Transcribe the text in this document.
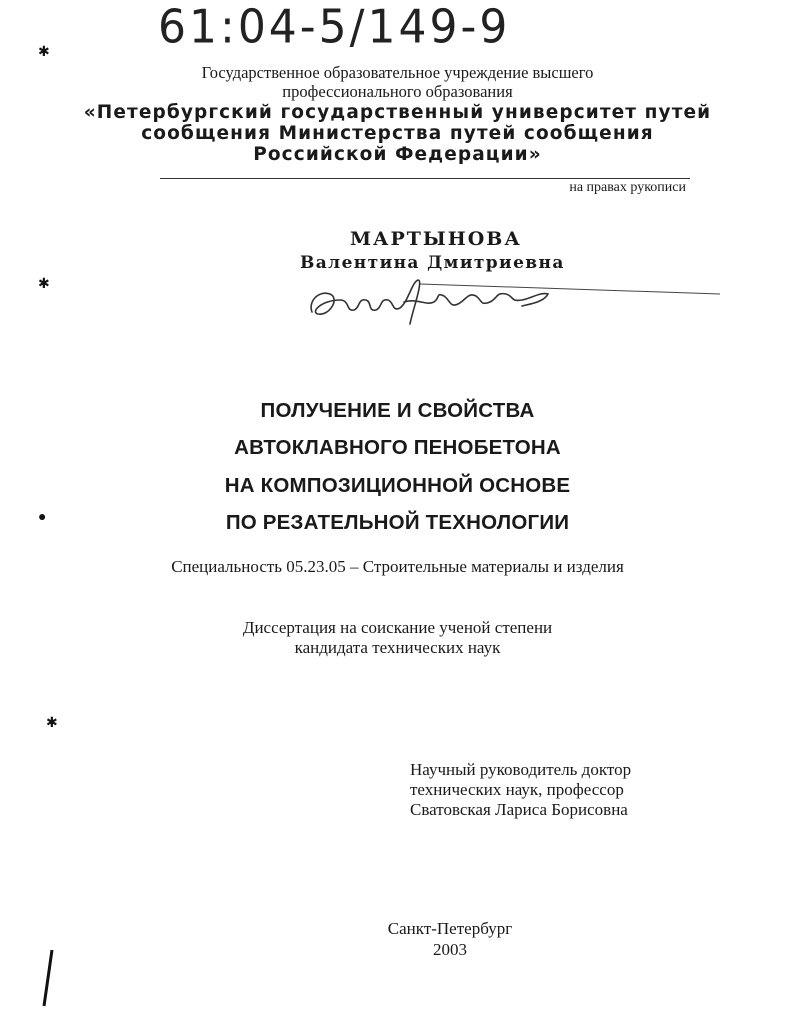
61:04-5/149-9
Государственное образовательное учреждение высшего
профессионального образования
«Петербургский государственный университет путей
сообщения Министерства путей сообщения
Российской Федерации»
на правах рукописи
МАРТЫНОВА
Валентина Дмитриевна
ПОЛУЧЕНИЕ И СВОЙСТВА
АВТОКЛАВНОГО ПЕНОБЕТОНА
НА КОМПОЗИЦИОННОЙ ОСНОВЕ
ПО РЕЗАТЕЛЬНОЙ ТЕХНОЛОГИИ
Специальность 05.23.05 – Строительные материалы и изделия
Диссертация на соискание ученой степени
кандидата технических наук
Научный руководитель доктор
технических наук, профессор
Сватовская Лариса Борисовна
Санкт-Петербург
2003
✱
✱
●
✱
